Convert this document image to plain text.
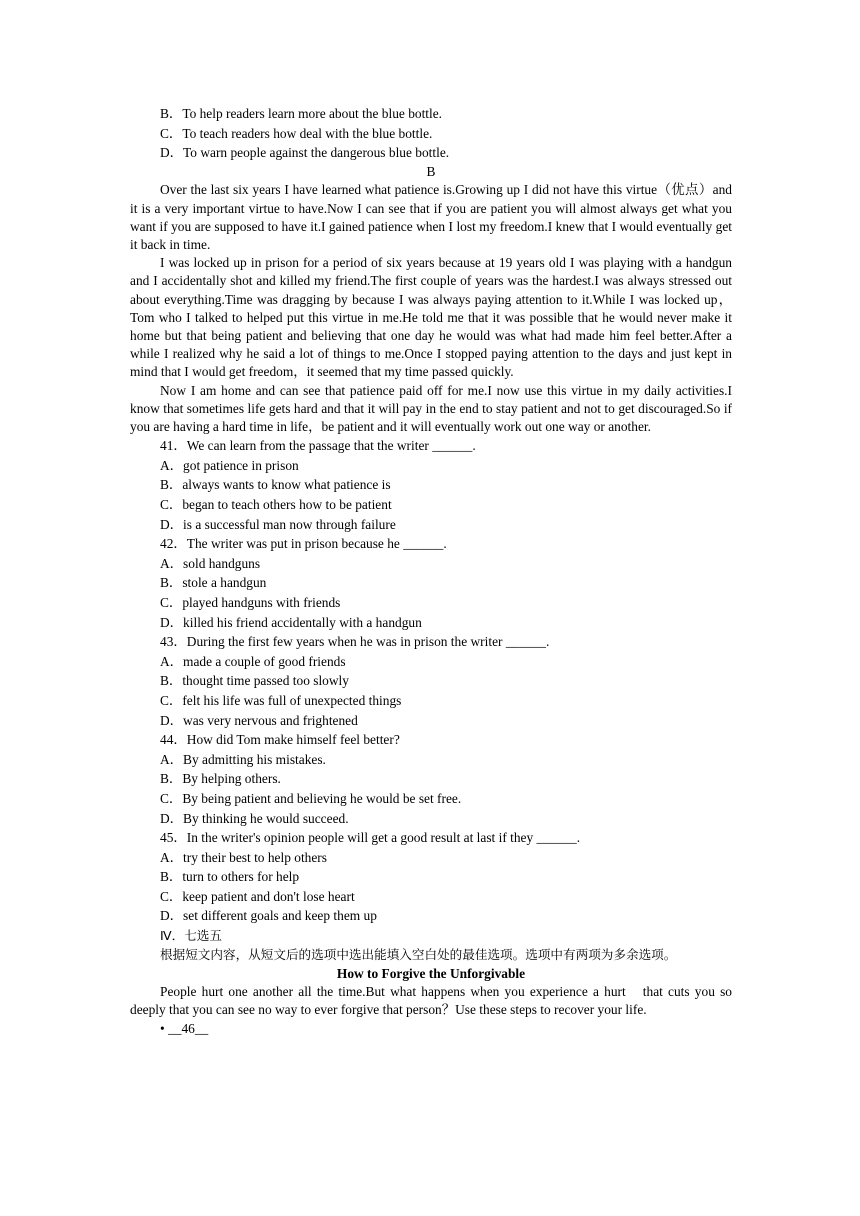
B．To help readers learn more about the blue bottle.
C．To teach readers how deal with the blue bottle.
D．To warn people against the dangerous blue bottle.
B

Over the last six years I have learned what patience is.Growing up I did not have this virtue（优点）and it is a very important virtue to have.Now I can see that if you are patient you will almost always get what you want if you are supposed to have it.I gained patience when I lost my freedom.I knew that I would eventually get it back in time.

I was locked up in prison for a period of six years because at 19 years old I was playing with a handgun and I accidentally shot and killed my friend.The first couple of years was the hardest.I was always stressed out about everything.Time was dragging by because I was always paying attention to it.While I was locked up，Tom who I talked to helped put this virtue in me.He told me that it was possible that he would never make it home but that being patient and believing that one day he would was what had made him feel better.After a while I realized why he said a lot of things to me.Once I stopped paying attention to the days and just kept in mind that I would get freedom，it seemed that my time passed quickly.

Now I am home and can see that patience paid off for me.I now use this virtue in my daily activities.I know that sometimes life gets hard and that it will pay in the end to stay patient and not to get discouraged.So if you are having a hard time in life，be patient and it will eventually work out one way or another.

41．We can learn from the passage that the writer ______.
A．got patience in prison
B．always wants to know what patience is
C．began to teach others how to be patient
D．is a successful man now through failure
42．The writer was put in prison because he ______.
A．sold handguns
B．stole a handgun
C．played handguns with friends
D．killed his friend accidentally with a handgun
43．During the first few years when he was in prison the writer ______.
A．made a couple of good friends
B．thought time passed too slowly
C．felt his life was full of unexpected things
D．was very nervous and frightened
44．How did Tom make himself feel better?
A．By admitting his mistakes.
B．By helping others.
C．By being patient and believing he would be set free.
D．By thinking he would succeed.
45．In the writer's opinion people will get a good result at last if they ______.
A．try their best to help others
B．turn to others for help
C．keep patient and don't lose heart
D．set different goals and keep them up
Ⅳ．七选五

根据短文内容，从短文后的选项中选出能填入空白处的最佳选项。选项中有两项为多余选项。

How to Forgive the Unforgivable

People hurt one another all the time.But what happens when you experience a hurt　that cuts you so deeply that you can see no way to ever forgive that person？Use these steps to recover your life.

• __46__
